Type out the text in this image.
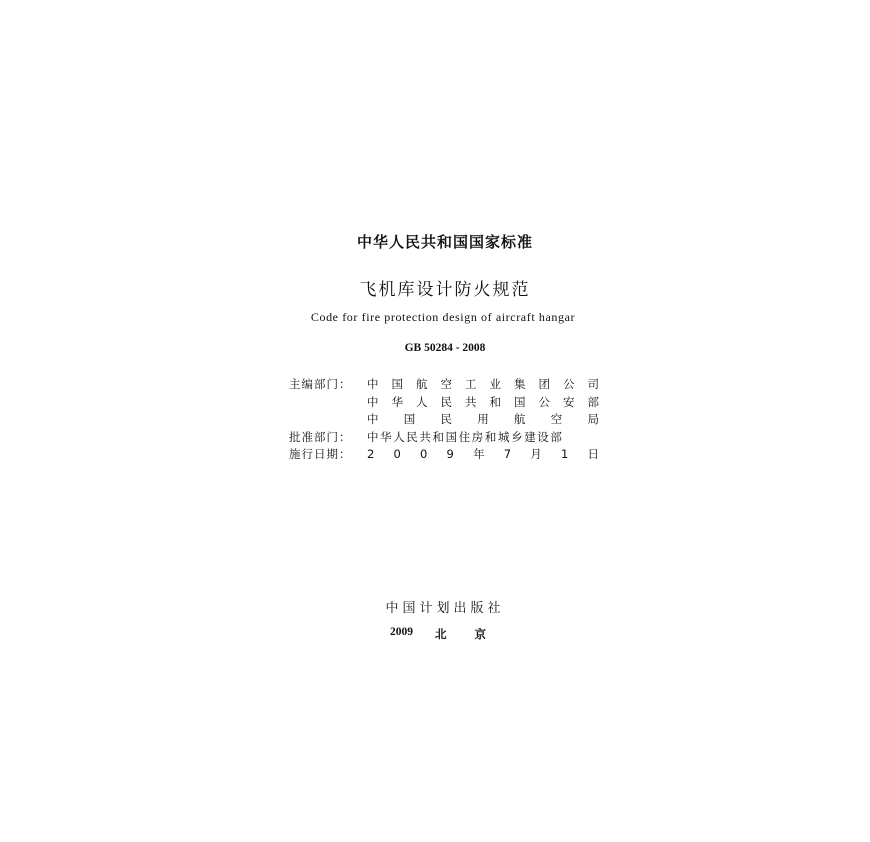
中华人民共和国国家标准
飞机库设计防火规范
Code for fire protection design of aircraft hangar
GB 50284 - 2008
主编部门：	中 国 航 空 工 业 集 团 公 司
中 华 人 民 共 和 国 公 安 部
中 国 民 用 航 空 局
批准部门：	中华人民共和国住房和城乡建设部
施行日期：	2 0 0 9 年 7 月 1 日
中国计划出版社
2009	北京
